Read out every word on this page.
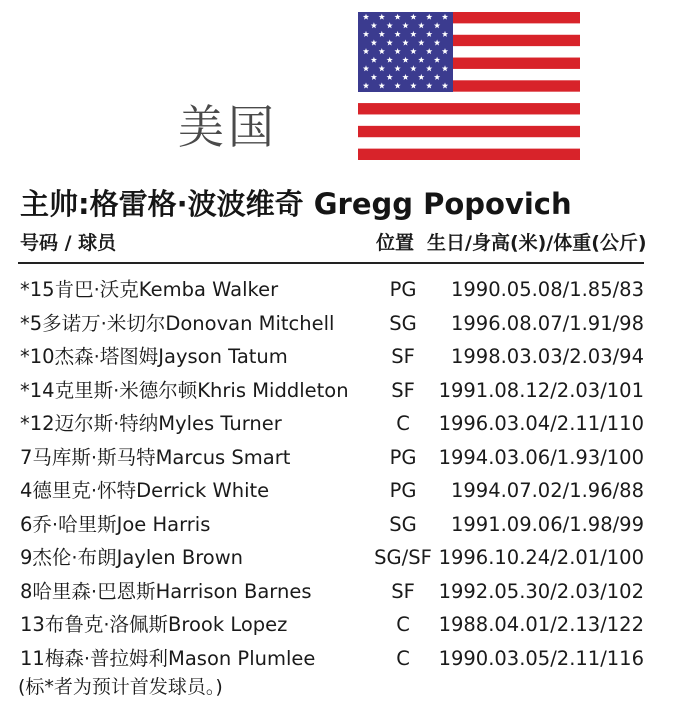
美国
主帅:格雷格·波波维奇 Gregg Popovich
号码 / 球员	位置 生日/身高(米)/体重(公斤)
*15肯巴·沃克Kemba Walker	PG	1990.05.08/1.85/83
*5多诺万·米切尔Donovan Mitchell	SG	1996.08.07/1.91/98
*10杰森·塔图姆Jayson Tatum	SF	1998.03.03/2.03/94
*14克里斯·米德尔顿Khris Middleton	SF	1991.08.12/2.03/101
*12迈尔斯·特纳Myles Turner	C	1996.03.04/2.11/110
7马库斯·斯马特Marcus Smart	PG	1994.03.06/1.93/100
4德里克·怀特Derrick White	PG	1994.07.02/1.96/88
6乔·哈里斯Joe Harris	SG	1991.09.06/1.98/99
9杰伦·布朗Jaylen Brown	SG/SF 1996.10.24/2.01/100
8哈里森·巴恩斯Harrison Barnes	SF	1992.05.30/2.03/102
13布鲁克·洛佩斯Brook Lopez	C	1988.04.01/2.13/122
11梅森·普拉姆利Mason Plumlee	C	1990.03.05/2.11/116
(标*者为预计首发球员。)
